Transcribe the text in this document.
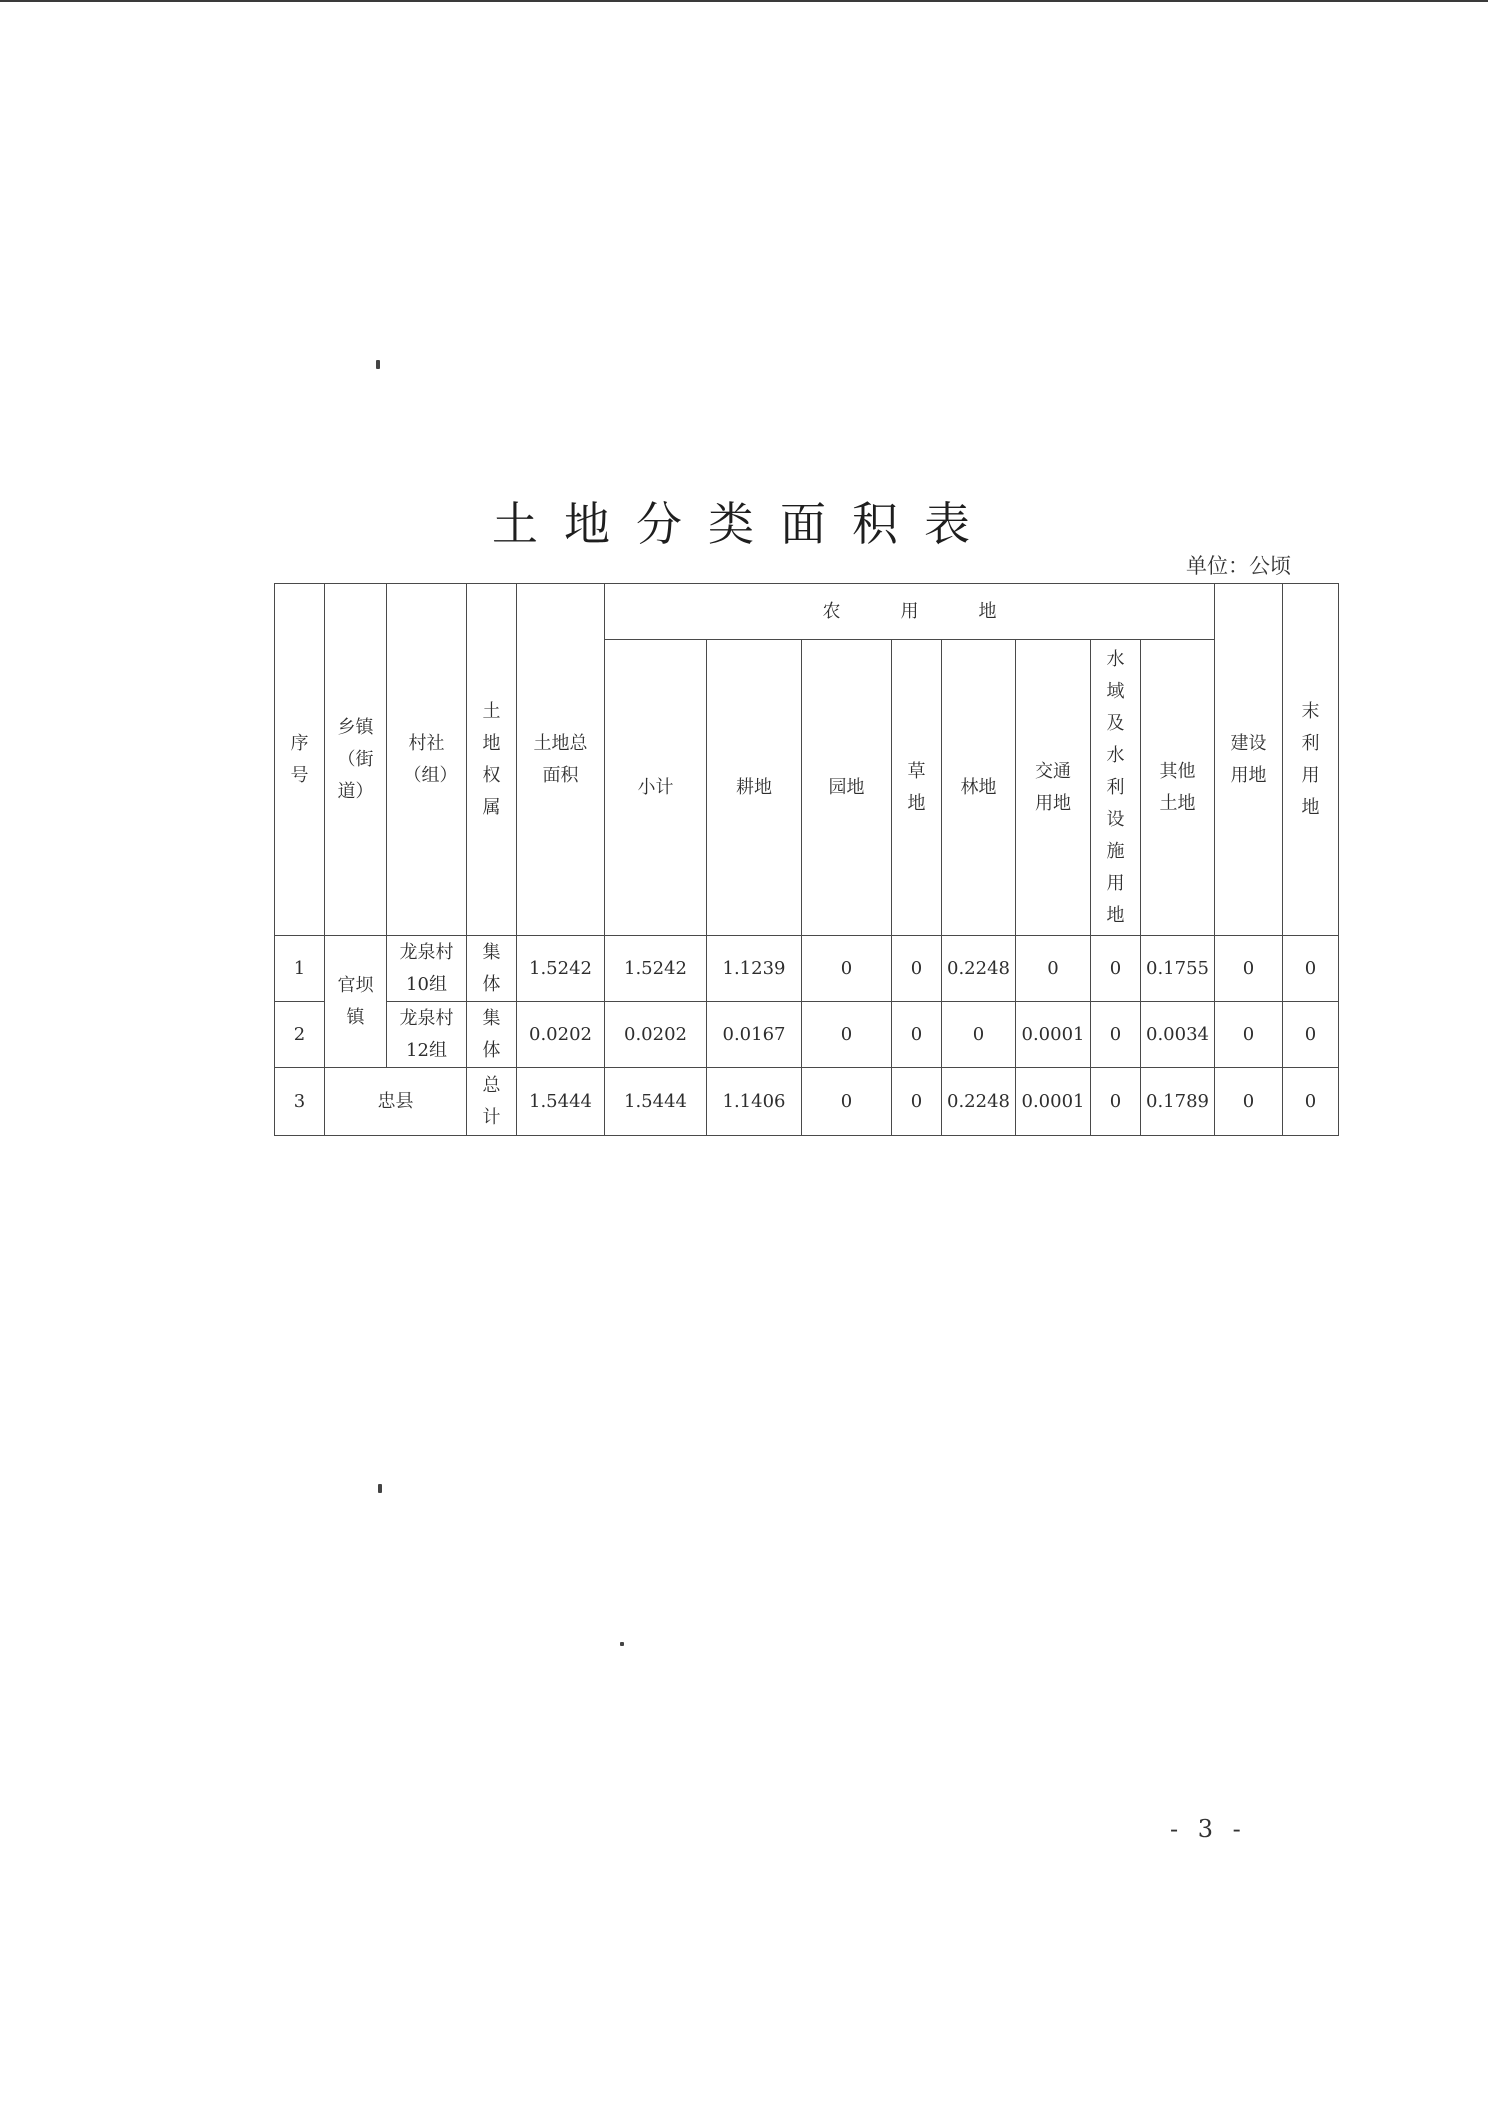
土地分类面积表
单位：公顷
序号	乡镇（街道）	村社（组）	土地权属	土地总面积	农用地								建设用地	末利用地
					小计	耕地	园地	草地	林地	交通用地	水域及水利设施用地	其他土地		
1	官坝镇	龙泉村10组	集体	1.5242	1.5242	1.1239	0	0	0.2248	0	0	0.1755	0	0
2		龙泉村12组	集体	0.0202	0.0202	0.0167	0	0	0	0.0001	0	0.0034	0	0
3	忠县		总计	1.5444	1.5444	1.1406	0	0	0.2248	0.0001	0	0.1789	0	0
- 3 -
